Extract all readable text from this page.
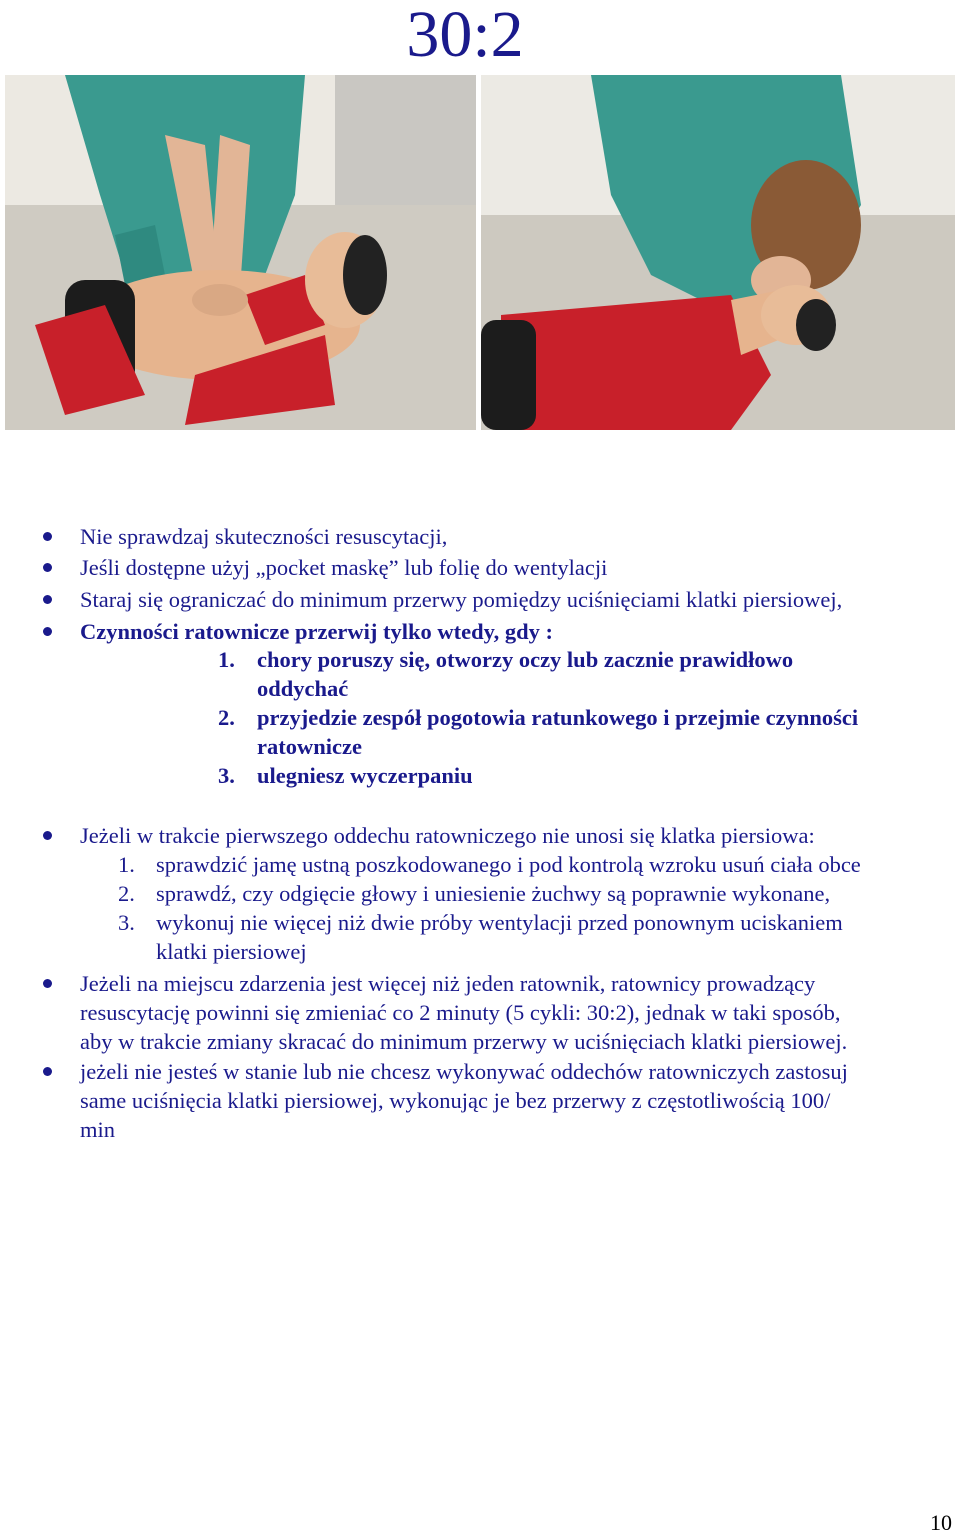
30:2
Nie sprawdzaj skuteczności resuscytacji,
Jeśli dostępne użyj „pocket maskę” lub folię do wentylacji
Staraj się ograniczać do minimum przerwy pomiędzy uciśnięciami klatki piersiowej,
Czynności ratownicze przerwij tylko wtedy, gdy :
1. chory poruszy się, otworzy oczy lub zacznie prawidłowo
oddychać
2. przyjedzie zespół pogotowia ratunkowego i przejmie czynności
ratownicze
3. ulegniesz wyczerpaniu
Jeżeli w trakcie pierwszego oddechu ratowniczego nie unosi się klatka piersiowa:
1. sprawdzić jamę ustną poszkodowanego i pod kontrolą wzroku usuń ciała obce
2. sprawdź, czy odgięcie głowy i uniesienie żuchwy są poprawnie wykonane,
3. wykonuj nie więcej niż dwie próby wentylacji przed ponownym uciskaniem
klatki piersiowej
Jeżeli na miejscu zdarzenia jest więcej niż jeden ratownik, ratownicy prowadzący
resuscytację powinni się zmieniać co 2 minuty (5 cykli: 30:2), jednak w taki sposób,
aby w trakcie zmiany skracać do minimum przerwy w uciśnięciach klatki piersiowej.
jeżeli nie jesteś w stanie lub nie chcesz wykonywać oddechów ratowniczych zastosuj
same uciśnięcia klatki piersiowej, wykonując je bez przerwy z częstotliwością 100/
min
10
